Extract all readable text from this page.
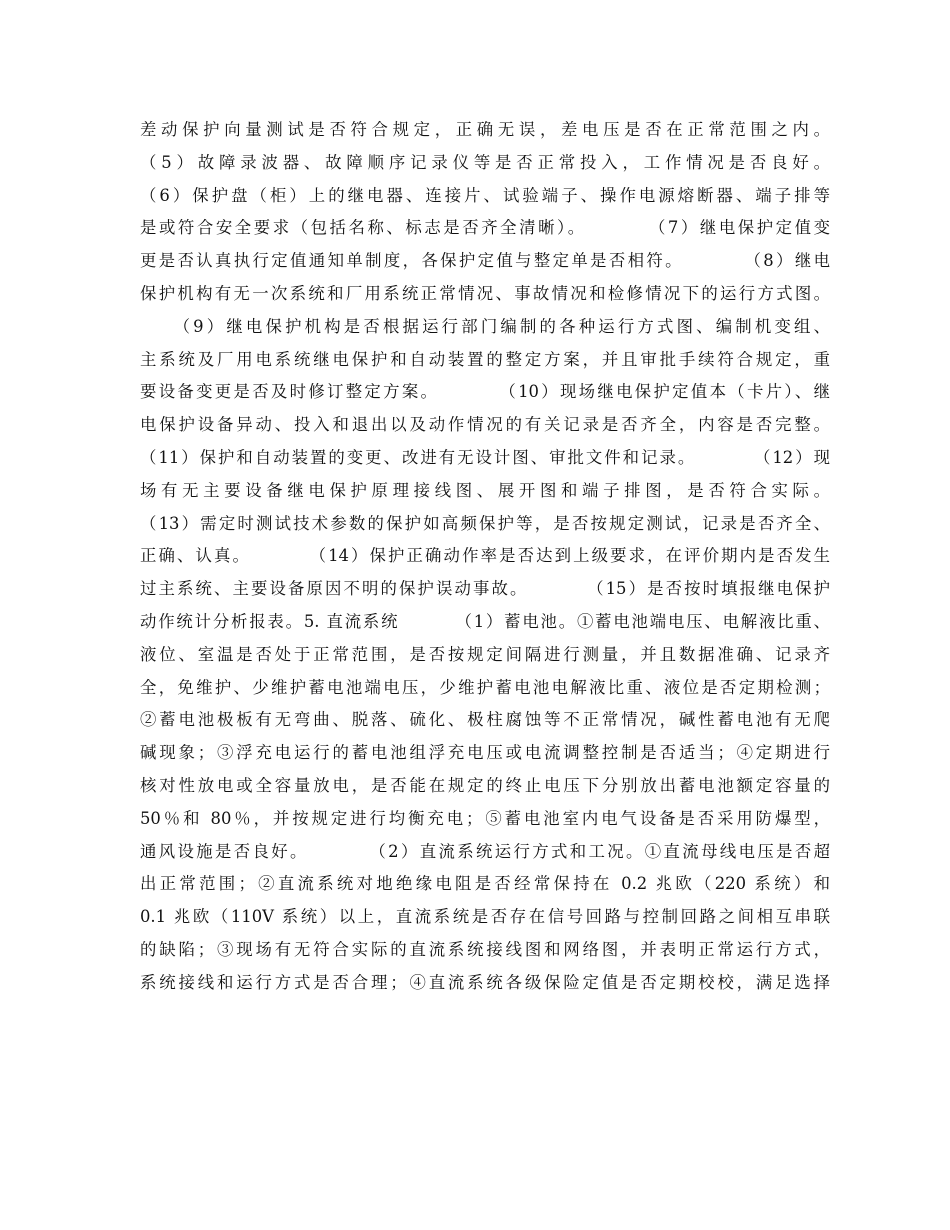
差动保护向量测试是否符合规定，正确无误，差电压是否在正常范围之内。
（5）故障录波器、故障顺序记录仪等是否正常投入，工作情况是否良好。
（6）保护盘（柜）上的继电器、连接片、试验端子、操作电源熔断器、端子排等
是或符合安全要求（包括名称、标志是否齐全清晰）。        （7）继电保护定值变
更是否认真执行定值通知单制度，各保护定值与整定单是否相符。        （8）继电
保护机构有无一次系统和厂用系统正常情况、事故情况和检修情况下的运行方式图。
（9）继电保护机构是否根据运行部门编制的各种运行方式图、编制机变组、
主系统及厂用电系统继电保护和自动装置的整定方案，并且审批手续符合规定，重
要设备变更是否及时修订整定方案。        （10）现场继电保护定值本（卡片）、继
电保护设备异动、投入和退出以及动作情况的有关记录是否齐全，内容是否完整。
（11）保护和自动装置的变更、改进有无设计图、审批文件和记录。        （12）现
场有无主要设备继电保护原理接线图、展开图和端子排图，是否符合实际。
（13）需定时测试技术参数的保护如高频保护等，是否按规定测试，记录是否齐全、
正确、认真。        （14）保护正确动作率是否达到上级要求，在评价期内是否发生
过主系统、主要设备原因不明的保护误动事故。        （15）是否按时填报继电保护
动作统计分析报表。5. 直流系统        （1）蓄电池。①蓄电池端电压、电解液比重、
液位、室温是否处于正常范围，是否按规定间隔进行测量，并且数据准确、记录齐
全，免维护、少维护蓄电池端电压，少维护蓄电池电解液比重、液位是否定期检测；
②蓄电池极板有无弯曲、脱落、硫化、极柱腐蚀等不正常情况，碱性蓄电池有无爬
碱现象；③浮充电运行的蓄电池组浮充电压或电流调整控制是否适当；④定期进行
核对性放电或全容量放电，是否能在规定的终止电压下分别放出蓄电池额定容量的
50％和 80％，并按规定进行均衡充电；⑤蓄电池室内电气设备是否采用防爆型，
通风设施是否良好。        （2）直流系统运行方式和工况。①直流母线电压是否超
出正常范围；②直流系统对地绝缘电阻是否经常保持在 0.2 兆欧（220 系统）和
0.1 兆欧（110V 系统）以上，直流系统是否存在信号回路与控制回路之间相互串联
的缺陷；③现场有无符合实际的直流系统接线图和网络图，并表明正常运行方式，
系统接线和运行方式是否合理；④直流系统各级保险定值是否定期校校，满足选择
